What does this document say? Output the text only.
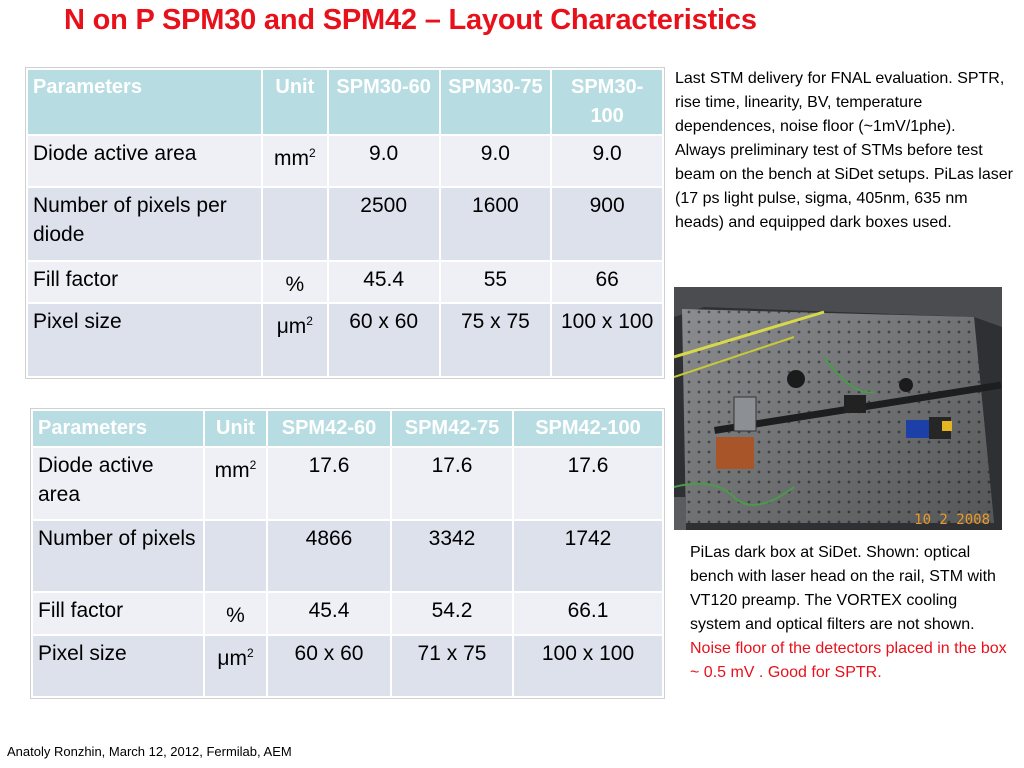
N on P SPM30 and SPM42 – Layout Characteristics
Parameters	Unit	SPM30-60	SPM30-75	SPM30-100
Diode active area	$mm^2$	9.0	9.0	9.0
Number of pixels per diode		2500	1600	900
Fill factor	%	45.4	55	66
Pixel size	$\mu m^2$	60 x 60	75 x 75	100 x 100
Parameters	Unit	SPM42-60	SPM42-75	SPM42-100
Diode active area	$mm^2$	17.6	17.6	17.6
Number of pixels		4866	3342	1742
Fill factor	%	45.4	54.2	66.1
Pixel size	$\mu m^2$	60 x 60	71 x 75	100 x 100
Last STM delivery for FNAL evaluation. SPTR, rise time, linearity, BV, temperature dependences, noise floor (~1mV/1phe).
Always preliminary test of STMs before test beam on the bench at SiDet setups. PiLas laser (17 ps light pulse, sigma, 405nm, 635 nm heads) and equipped dark boxes used.
10 2 2008
PiLas dark box at SiDet. Shown: optical bench with laser head on the rail, STM with VT120 preamp. The VORTEX cooling system and optical filters are not shown. Noise floor of the detectors placed in the box ~ 0.5 mV . Good for SPTR.
Anatoly Ronzhin, March 12, 2012, Fermilab, AEM
